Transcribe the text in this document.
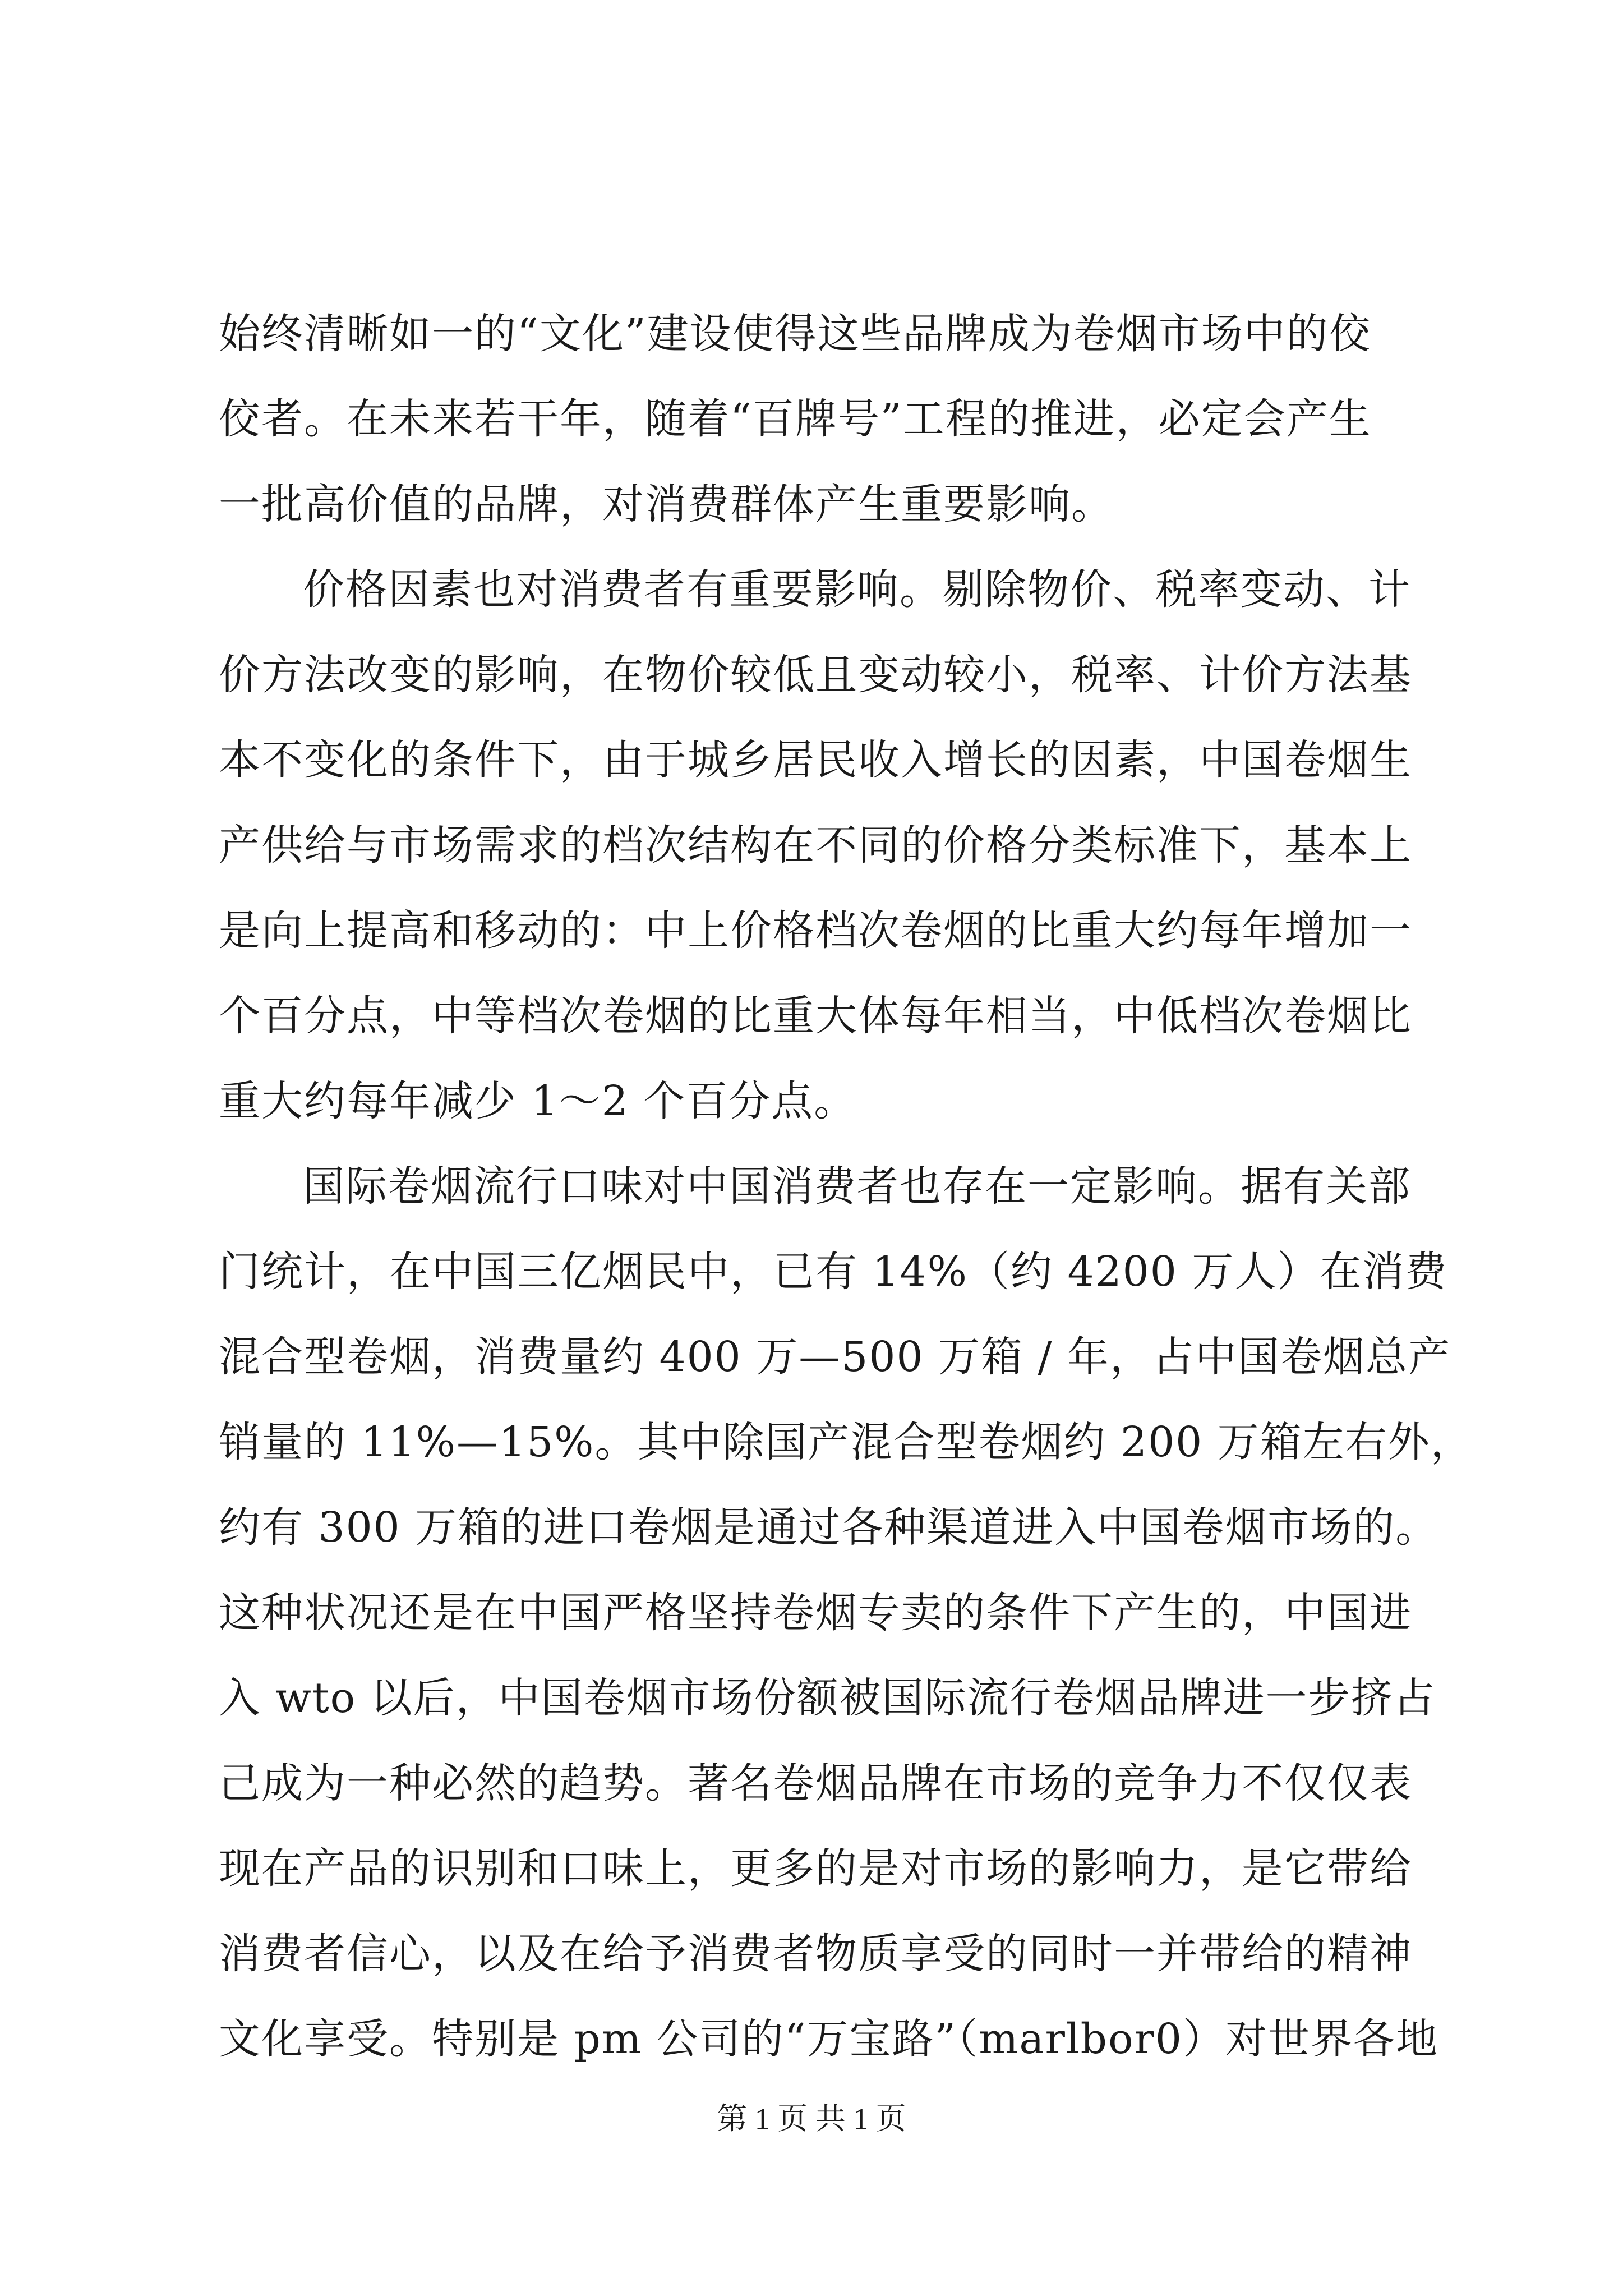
始终清晰如一的“文化”建设使得这些品牌成为卷烟市场中的佼
佼者。在未来若干年，随着“百牌号”工程的推进，必定会产生
一批高价值的品牌，对消费群体产生重要影响。
价格因素也对消费者有重要影响。剔除物价、税率变动、计
价方法改变的影响，在物价较低且变动较小，税率、计价方法基
本不变化的条件下，由于城乡居民收入增长的因素，中国卷烟生
产供给与市场需求的档次结构在不同的价格分类标准下，基本上
是向上提高和移动的：中上价格档次卷烟的比重大约每年增加一
个百分点，中等档次卷烟的比重大体每年相当，中低档次卷烟比
重大约每年减少 1～2 个百分点。
国际卷烟流行口味对中国消费者也存在一定影响。据有关部
门统计，在中国三亿烟民中，已有 14%（约 4200 万人）在消费
混合型卷烟，消费量约 400 万—500 万箱 / 年，占中国卷烟总产
销量的 11%—15%。其中除国产混合型卷烟约 200 万箱左右外，
约有 300 万箱的进口卷烟是通过各种渠道进入中国卷烟市场的。
这种状况还是在中国严格坚持卷烟专卖的条件下产生的，中国进
入 wto 以后，中国卷烟市场份额被国际流行卷烟品牌进一步挤占
己成为一种必然的趋势。著名卷烟品牌在市场的竞争力不仅仅表
现在产品的识别和口味上，更多的是对市场的影响力，是它带给
消费者信心，以及在给予消费者物质享受的同时一并带给的精神
文化享受。特别是 pm 公司的“万宝路”（marlbor0）对世界各地
第 1 页 共 1 页
